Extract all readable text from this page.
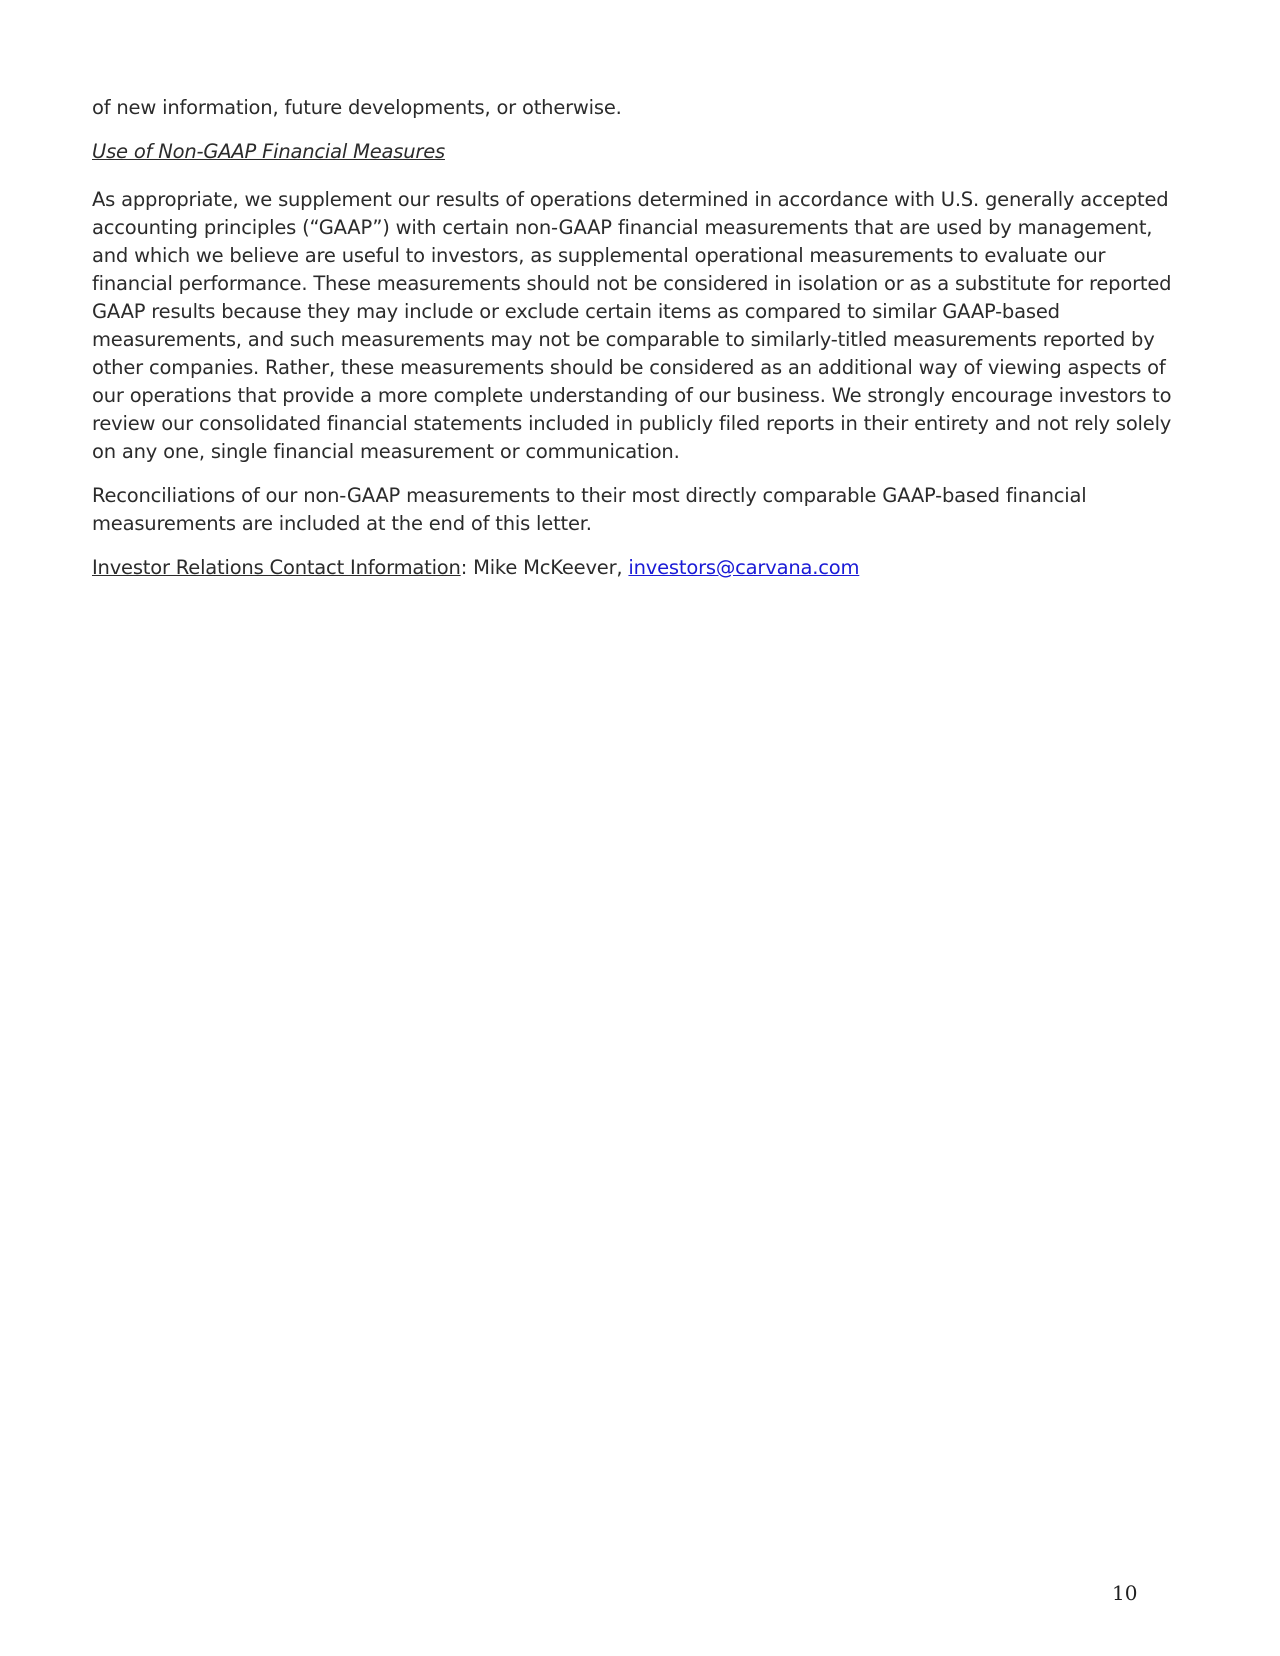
of new information, future developments, or otherwise.

Use of Non-GAAP Financial Measures

As appropriate, we supplement our results of operations determined in accordance with U.S. generally accepted accounting principles (“GAAP”) with certain non-GAAP financial measurements that are used by management, and which we believe are useful to investors, as supplemental operational measurements to evaluate our financial performance. These measurements should not be considered in isolation or as a substitute for reported GAAP results because they may include or exclude certain items as compared to similar GAAP-based measurements, and such measurements may not be comparable to similarly-titled measurements reported by other companies. Rather, these measurements should be considered as an additional way of viewing aspects of our operations that provide a more complete understanding of our business. We strongly encourage investors to review our consolidated financial statements included in publicly filed reports in their entirety and not rely solely on any one, single financial measurement or communication.

Reconciliations of our non-GAAP measurements to their most directly comparable GAAP-based financial measurements are included at the end of this letter.

Investor Relations Contact Information: Mike McKeever, investors@carvana.com

10
